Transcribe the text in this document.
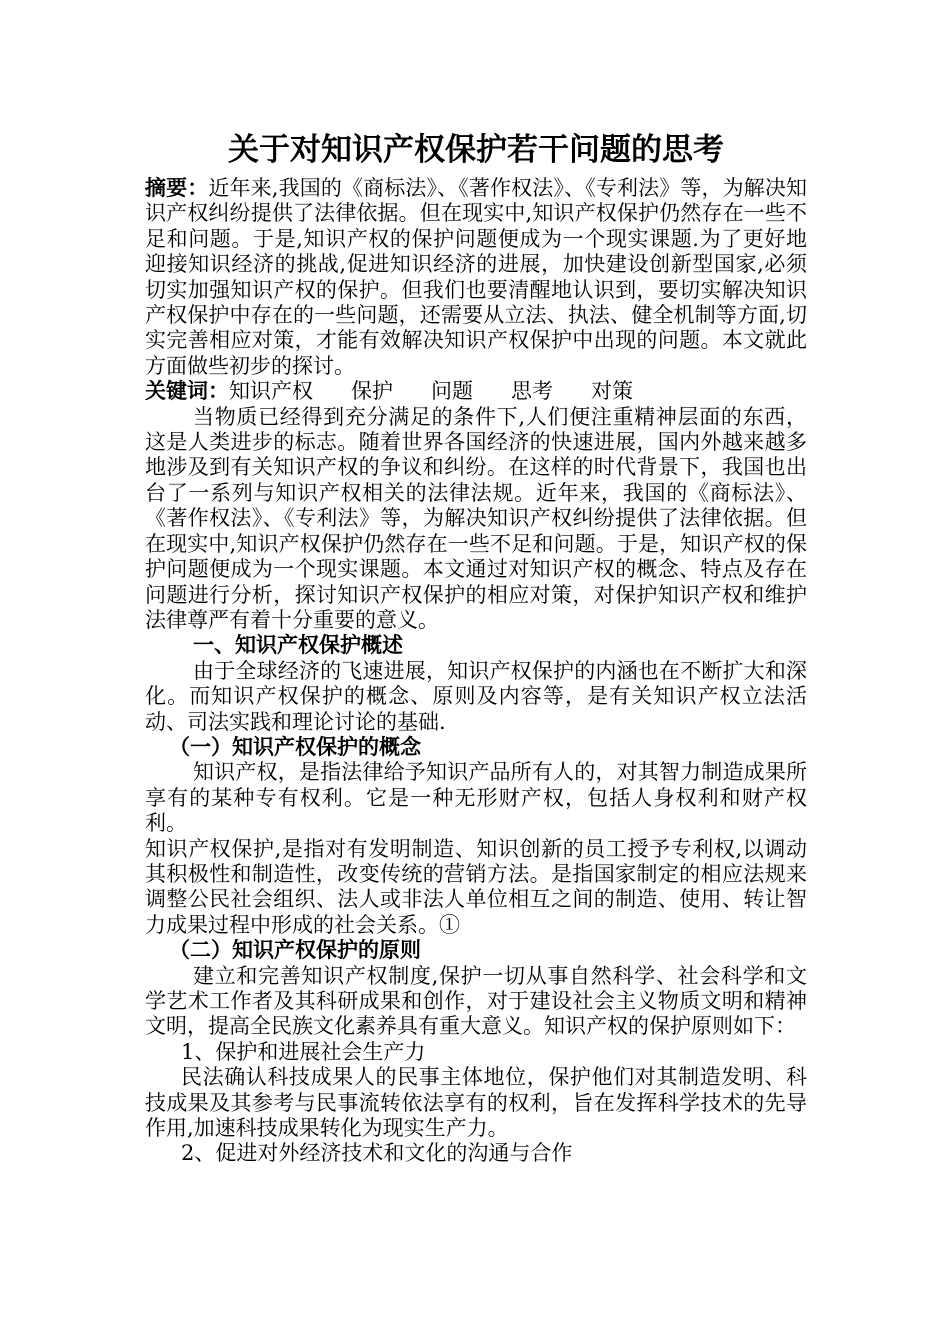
关于对知识产权保护若干问题的思考

摘要：近年来,我国的《商标法》、《著作权法》、《专利法》等，为解决知识产权纠纷提供了法律依据。但在现实中,知识产权保护仍然存在一些不足和问题。于是,知识产权的保护问题便成为一个现实课题.为了更好地迎接知识经济的挑战,促进知识经济的进展，加快建设创新型国家,必须切实加强知识产权的保护。但我们也要清醒地认识到，要切实解决知识产权保护中存在的一些问题，还需要从立法、执法、健全机制等方面,切实完善相应对策，才能有效解决知识产权保护中出现的问题。本文就此方面做些初步的探讨。

关键词： 知识产权 保护 问题 思考 对策

当物质已经得到充分满足的条件下,人们便注重精神层面的东西，这是人类进步的标志。随着世界各国经济的快速进展，国内外越来越多地涉及到有关知识产权的争议和纠纷。在这样的时代背景下，我国也出台了一系列与知识产权相关的法律法规。近年来，我国的《商标法》、《著作权法》、《专利法》等，为解决知识产权纠纷提供了法律依据。但在现实中,知识产权保护仍然存在一些不足和问题。于是，知识产权的保护问题便成为一个现实课题。本文通过对知识产权的概念、特点及存在问题进行分析，探讨知识产权保护的相应对策，对保护知识产权和维护法律尊严有着十分重要的意义。

一、知识产权保护概述

由于全球经济的飞速进展，知识产权保护的内涵也在不断扩大和深化。而知识产权保护的概念、原则及内容等，是有关知识产权立法活动、司法实践和理论讨论的基础.

（一）知识产权保护的概念

知识产权，是指法律给予知识产品所有人的，对其智力制造成果所享有的某种专有权利。它是一种无形财产权，包括人身权利和财产权利。

知识产权保护,是指对有发明制造、知识创新的员工授予专利权,以调动其积极性和制造性，改变传统的营销方法。是指国家制定的相应法规来调整公民社会组织、法人或非法人单位相互之间的制造、使用、转让智力成果过程中形成的社会关系。①

（二）知识产权保护的原则

建立和完善知识产权制度,保护一切从事自然科学、社会科学和文学艺术工作者及其科研成果和创作，对于建设社会主义物质文明和精神文明，提高全民族文化素养具有重大意义。知识产权的保护原则如下：

1、保护和进展社会生产力

民法确认科技成果人的民事主体地位，保护他们对其制造发明、科技成果及其参考与民事流转依法享有的权利，旨在发挥科学技术的先导作用,加速科技成果转化为现实生产力。

2、促进对外经济技术和文化的沟通与合作
